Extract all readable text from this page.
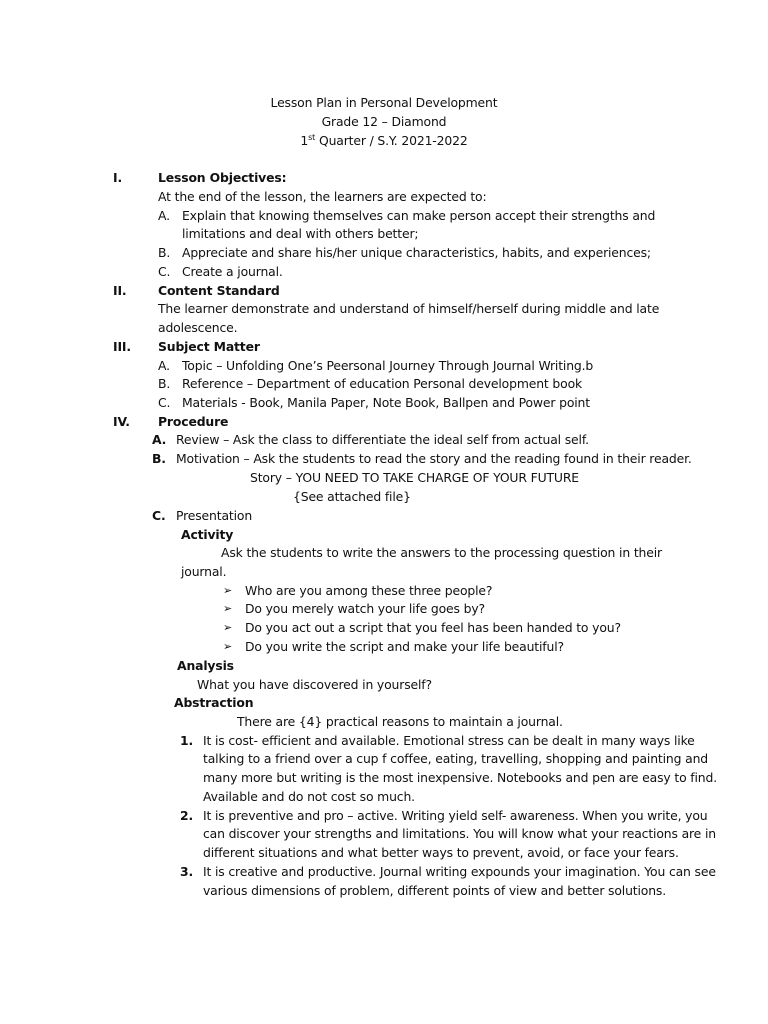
Lesson Plan in Personal Development
Grade 12 – Diamond
1st Quarter / S.Y. 2021-2022
I.	Lesson Objectives:
At the end of the lesson, the learners are expected to:
A. Explain that knowing themselves can make person accept their strengths and
limitations and deal with others better;
B. Appreciate and share his/her unique characteristics, habits, and experiences;
C. Create a journal.
II.	Content Standard
The learner demonstrate and understand of himself/herself during middle and late
adolescence.
III. Subject Matter
A. Topic – Unfolding One’s Peersonal Journey Through Journal Writing.b
B. Reference – Department of education Personal development book
C. Materials - Book, Manila Paper, Note Book, Ballpen and Power point
IV. Procedure
A. Review – Ask the class to differentiate the ideal self from actual self.
B. Motivation – Ask the students to read the story and the reading found in their reader.
Story – YOU NEED TO TAKE CHARGE OF YOUR FUTURE
{See attached file}
C. Presentation
Activity
Ask the students to write the answers to the processing question in their
journal.
➢ Who are you among these three people?
➢ Do you merely watch your life goes by?
➢ Do you act out a script that you feel has been handed to you?
➢ Do you write the script and make your life beautiful?
Analysis
What you have discovered in yourself?
Abstraction
There are {4} practical reasons to maintain a journal.
1. It is cost- efficient and available. Emotional stress can be dealt in many ways like
talking to a friend over a cup f coffee, eating, travelling, shopping and painting and
many more but writing is the most inexpensive. Notebooks and pen are easy to find.
Available and do not cost so much.
2. It is preventive and pro – active. Writing yield self- awareness. When you write, you
can discover your strengths and limitations. You will know what your reactions are in
different situations and what better ways to prevent, avoid, or face your fears.
3. It is creative and productive. Journal writing expounds your imagination. You can see
various dimensions of problem, different points of view and better solutions.
